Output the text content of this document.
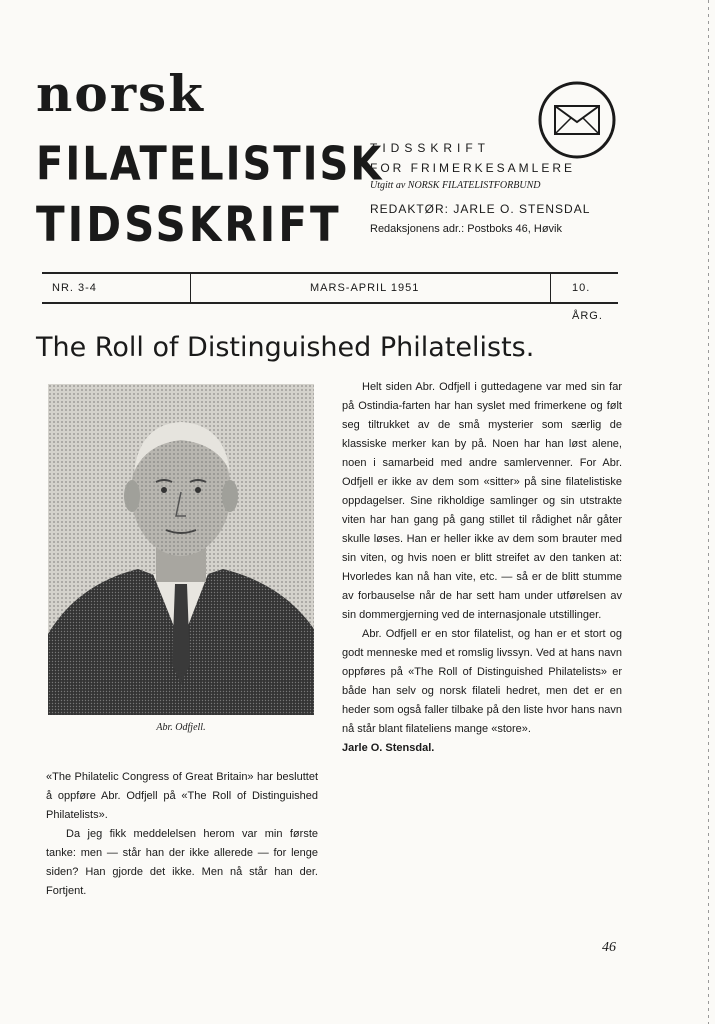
norsk
FILATELISTISK
TIDSSKRIFT
TIDSSKRIFT
FOR FRIMERKESAMLERE
Utgitt av NORSK FILATELISTFORBUND
REDAKTØR: JARLE O. STENSDAL
Redaksjonens adr.: Postboks 46, Høvik
NR. 3-4	MARS-APRIL 1951	10. ÅRG.
The Roll of Distinguished Philatelists.
Abr. Odfjell.

«The Philatelic Congress of Great Britain» har besluttet å oppføre Abr. Odfjell på «The Roll of Distinguished Philatelists».

Da jeg fikk meddelelsen herom var min første tanke: men — står han der ikke allerede — for lenge siden? Han gjorde det ikke. Men nå står han der. Fortjent.

Helt siden Abr. Odfjell i guttedagene var med sin far på Ostindia-farten har han syslet med frimerkene og følt seg tiltrukket av de små mysterier som særlig de klassiske merker kan by på. Noen har han løst alene, noen i samarbeid med andre samlervenner. For Abr. Odfjell er ikke av dem som «sitter» på sine filatelistiske oppdagelser. Sine rikholdige samlinger og sin utstrakte viten har han gang på gang stillet til rådighet når gåter skulle løses. Han er heller ikke av dem som brauter med sin viten, og hvis noen er blitt streifet av den tanken at: Hvorledes kan nå han vite, etc. — så er de blitt stumme av forbauselse når de har sett ham under utførelsen av sin dommergjerning ved de internasjonale utstillinger.

Abr. Odfjell er en stor filatelist, og han er et stort og godt menneske med et romslig livssyn. Ved at hans navn oppføres på «The Roll of Distinguished Philatelists» er både han selv og norsk filateli hedret, men det er en heder som også faller tilbake på den liste hvor hans navn nå står blant filateliens mange «store».

Jarle O. Stensdal.

46
